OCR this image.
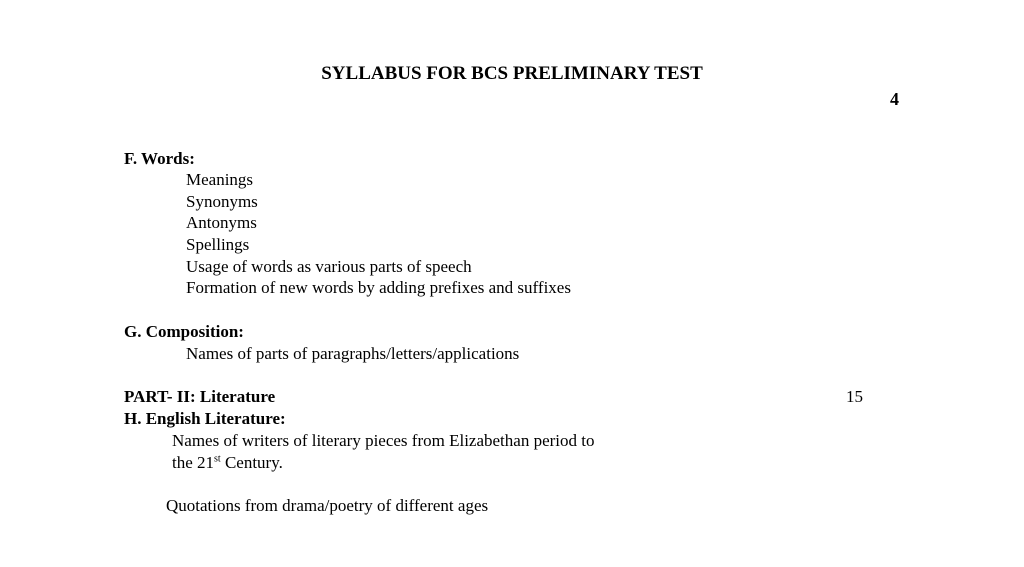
SYLLABUS FOR BCS PRELIMINARY TEST
4
F. Words:
Meanings
Synonyms
Antonyms
Spellings
Usage of words as various parts of speech
Formation of new words by adding prefixes and suffixes
G. Composition:
Names of parts of paragraphs/letters/applications
PART- II: Literature	15
H. English Literature:
Names of writers of literary pieces from Elizabethan period to
the 21st Century.
Quotations from drama/poetry of different ages
